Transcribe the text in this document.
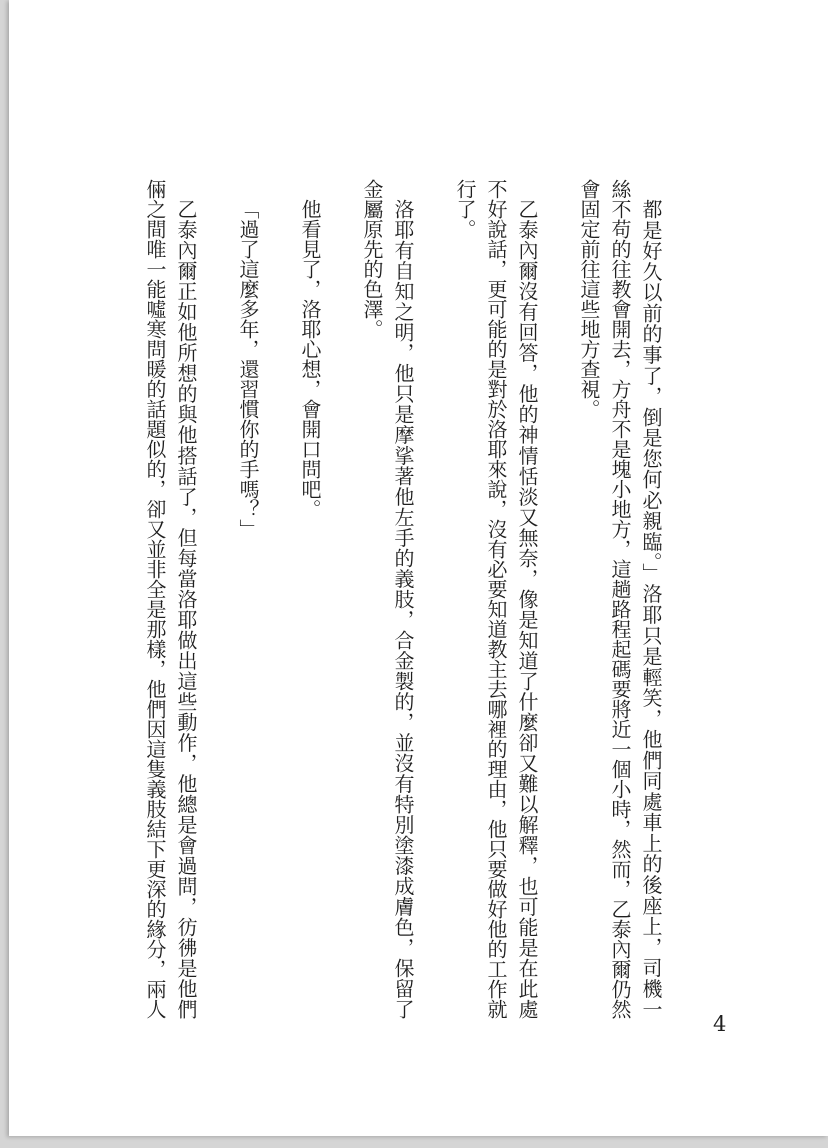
都是好久以前的事了，倒是您何必親臨。」洛耶只是輕笑，他們同處車上的後座上，司機一
絲不苟的往教會開去，方舟不是塊小地方，這趟路程起碼要將近一個小時，然而，乙泰內爾仍然
會固定前往這些地方查視。
乙泰內爾沒有回答，他的神情恬淡又無奈，像是知道了什麼卻又難以解釋，也可能是在此處
不好說話，更可能的是對於洛耶來說，沒有必要知道教主去哪裡的理由，他只要做好他的工作就
行了。
洛耶有自知之明，他只是摩挲著他左手的義肢，合金製的，並沒有特別塗漆成膚色，保留了
金屬原先的色澤。
他看見了，洛耶心想，會開口問吧。
「過了這麼多年，還習慣你的手嗎？」
乙泰內爾正如他所想的與他搭話了，但每當洛耶做出這些動作，他總是會過問，彷彿是他們
倆之間唯一能噓寒問暖的話題似的，卻又並非全是那樣，他們因這隻義肢結下更深的緣分，兩人
4
